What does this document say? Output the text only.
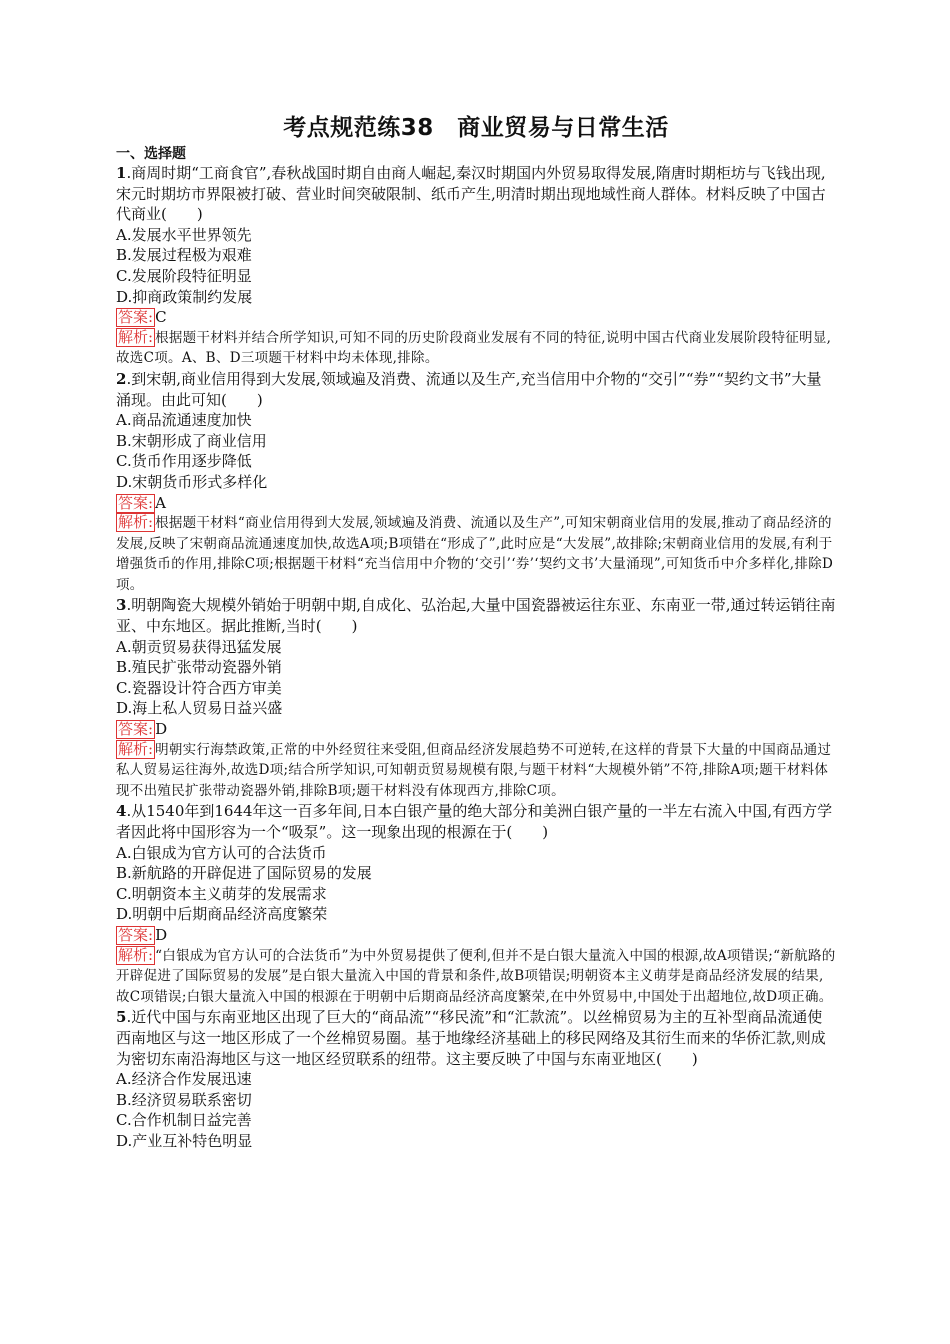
考点规范练38　商业贸易与日常生活
一、选择题

1.商周时期“工商食官”,春秋战国时期自由商人崛起,秦汉时期国内外贸易取得发展,隋唐时期柜坊与飞钱出现,宋元时期坊市界限被打破、营业时间突破限制、纸币产生,明清时期出现地域性商人群体。材料反映了中国古代商业(　　)

A.发展水平世界领先

B.发展过程极为艰难

C.发展阶段特征明显

D.抑商政策制约发展

答案: C

解析: 根据题干材料并结合所学知识,可知不同的历史阶段商业发展有不同的特征,说明中国古代商业发展阶段特征明显,故选C项。A、B、D三项题干材料中均未体现,排除。

2.到宋朝,商业信用得到大发展,领域遍及消费、流通以及生产,充当信用中介物的“交引”“券”“契约文书”大量涌现。由此可知(　　)

A.商品流通速度加快

B.宋朝形成了商业信用

C.货币作用逐步降低

D.宋朝货币形式多样化

答案: A

解析: 根据题干材料“商业信用得到大发展,领域遍及消费、流通以及生产”,可知宋朝商业信用的发展,推动了商品经济的发展,反映了宋朝商品流通速度加快,故选A项;B项错在“形成了”,此时应是“大发展”,故排除;宋朝商业信用的发展,有利于增强货币的作用,排除C项;根据题干材料“充当信用中介物的‘交引’‘券’‘契约文书’大量涌现”,可知货币中介多样化,排除D项。

3.明朝陶瓷大规模外销始于明朝中期,自成化、弘治起,大量中国瓷器被运往东亚、东南亚一带,通过转运销往南亚、中东地区。据此推断,当时(　　)

A.朝贡贸易获得迅猛发展

B.殖民扩张带动瓷器外销

C.瓷器设计符合西方审美

D.海上私人贸易日益兴盛

答案: D

解析: 明朝实行海禁政策,正常的中外经贸往来受阻,但商品经济发展趋势不可逆转,在这样的背景下大量的中国商品通过私人贸易运往海外,故选D项;结合所学知识,可知朝贡贸易规模有限,与题干材料“大规模外销”不符,排除A项;题干材料体现不出殖民扩张带动瓷器外销,排除B项;题干材料没有体现西方,排除C项。

4.从1540年到1644年这一百多年间,日本白银产量的绝大部分和美洲白银产量的一半左右流入中国,有西方学者因此将中国形容为一个“吸泵”。这一现象出现的根源在于(　　)

A.白银成为官方认可的合法货币

B.新航路的开辟促进了国际贸易的发展

C.明朝资本主义萌芽的发展需求

D.明朝中后期商品经济高度繁荣

答案: D

解析: “白银成为官方认可的合法货币”为中外贸易提供了便利,但并不是白银大量流入中国的根源,故A项错误;“新航路的开辟促进了国际贸易的发展”是白银大量流入中国的背景和条件,故B项错误;明朝资本主义萌芽是商品经济发展的结果,故C项错误;白银大量流入中国的根源在于明朝中后期商品经济高度繁荣,在中外贸易中,中国处于出超地位,故D项正确。

5.近代中国与东南亚地区出现了巨大的“商品流”“移民流”和“汇款流”。以丝棉贸易为主的互补型商品流通使西南地区与这一地区形成了一个丝棉贸易圈。基于地缘经济基础上的移民网络及其衍生而来的华侨汇款,则成为密切东南沿海地区与这一地区经贸联系的纽带。这主要反映了中国与东南亚地区(　　)

A.经济合作发展迅速

B.经济贸易联系密切

C.合作机制日益完善

D.产业互补特色明显
